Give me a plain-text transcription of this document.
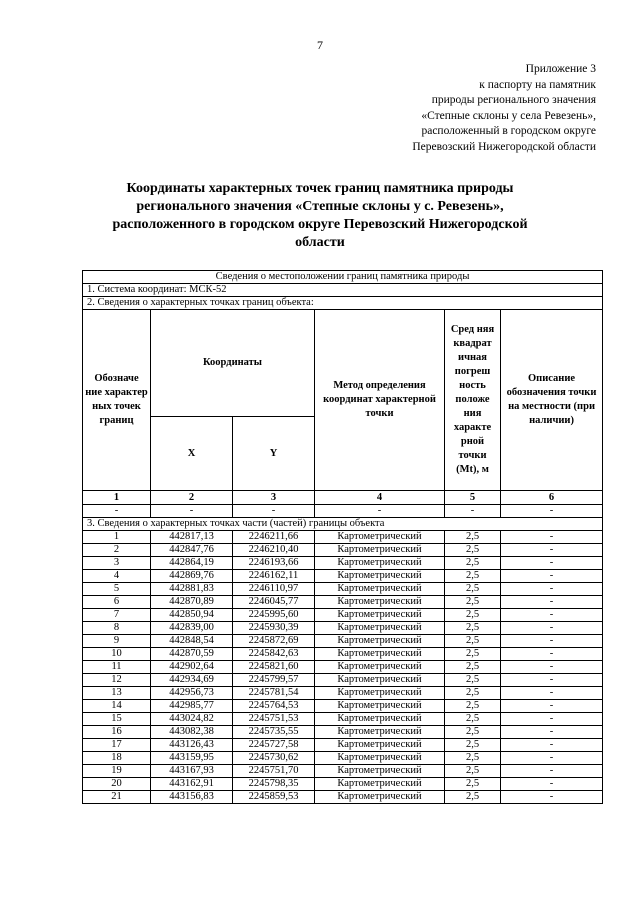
7
Приложение 3
к паспорту на памятник
природы регионального значения
«Степные склоны у села Ревезень»,
расположенный в городском округе
Перевозский Нижегородской области
Координаты характерных точек границ памятника природы
регионального значения «Степные склоны у с. Ревезень»,
расположенного в городском округе Перевозский Нижегородской
области
Сведения о местоположении границ памятника природы					
1. Система координат: МСК-52					
2. Сведения о характерных точках границ объекта:					
Обозначе ние характер ных точек границ	Координаты		Метод определения координат характерной точки	Сред няя квадрат ичная погреш ность положе ния характе рной точки (Mt), м	Описание обозначения точки на местности (при наличии)
	X	Y			
1	2	3	4	5	6
-	-	-	-	-	-
3. Сведения о характерных точках части (частей) границы объекта					
1	442817,13	2246211,66	Картометрический	2,5	-
2	442847,76	2246210,40	Картометрический	2,5	-
3	442864,19	2246193,66	Картометрический	2,5	-
4	442869,76	2246162,11	Картометрический	2,5	-
5	442881,83	2246110,97	Картометрический	2,5	-
6	442870,89	2246045,77	Картометрический	2,5	-
7	442850,94	2245995,60	Картометрический	2,5	-
8	442839,00	2245930,39	Картометрический	2,5	-
9	442848,54	2245872,69	Картометрический	2,5	-
10	442870,59	2245842,63	Картометрический	2,5	-
11	442902,64	2245821,60	Картометрический	2,5	-
12	442934,69	2245799,57	Картометрический	2,5	-
13	442956,73	2245781,54	Картометрический	2,5	-
14	442985,77	2245764,53	Картометрический	2,5	-
15	443024,82	2245751,53	Картометрический	2,5	-
16	443082,38	2245735,55	Картометрический	2,5	-
17	443126,43	2245727,58	Картометрический	2,5	-
18	443159,95	2245730,62	Картометрический	2,5	-
19	443167,93	2245751,70	Картометрический	2,5	-
20	443162,91	2245798,35	Картометрический	2,5	-
21	443156,83	2245859,53	Картометрический	2,5	-
